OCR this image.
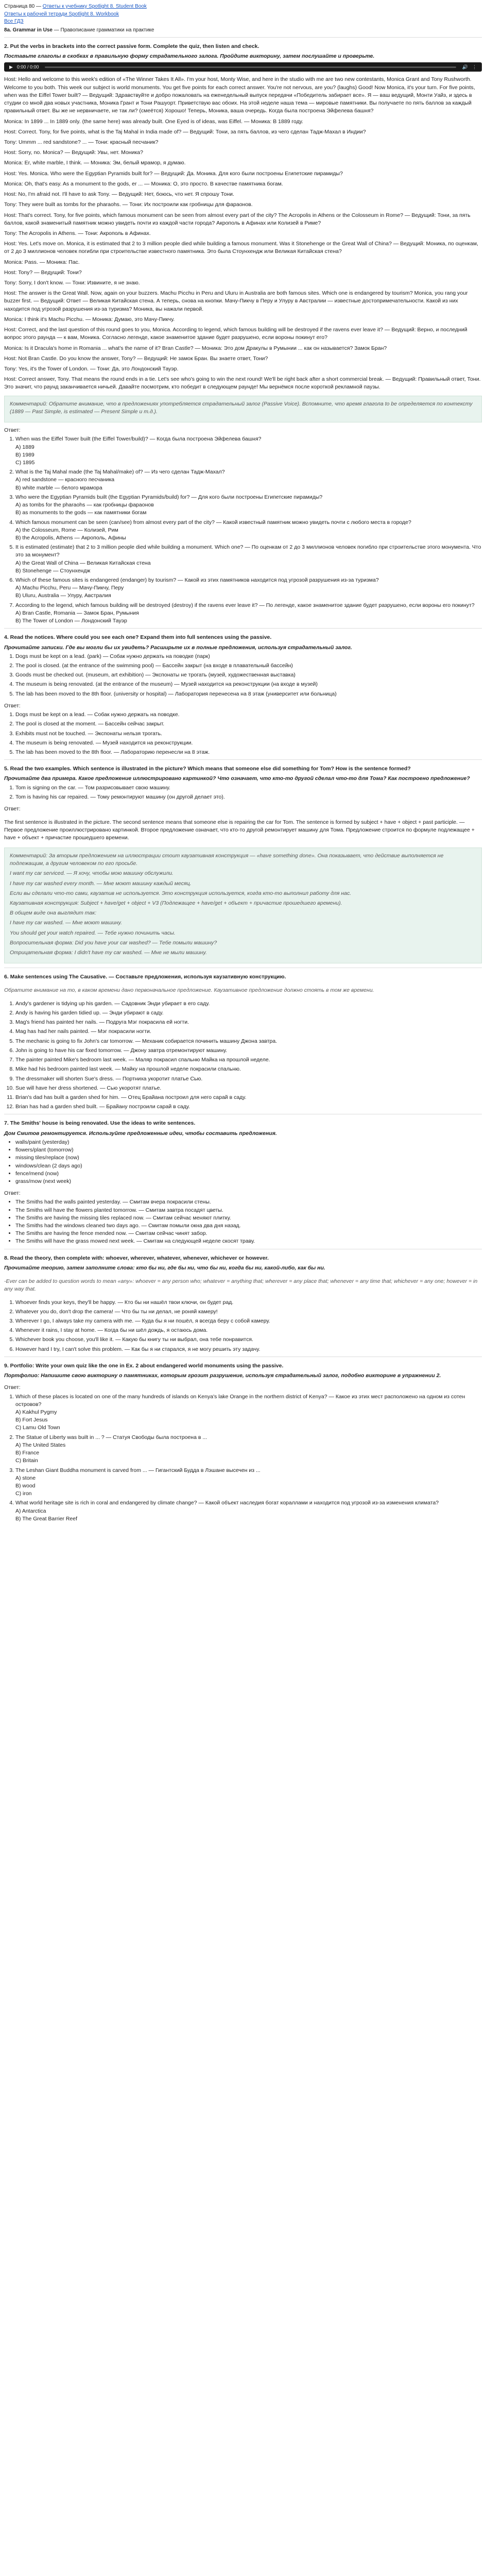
Страница 80 — Ответы к учебнику Spotlight 8. Student Book
Ответы к рабочей тетради Spotlight 8. Workbook
Все ГДЗ
8a. Grammar in Use — Правописание грамматики на практике
2. Put the verbs in brackets into the correct passive form. Complete the quiz, then listen and check.
Поставьте глаголы в скобках в правильную форму страдательного залога. Пройдите викторину, затем послушайте и проверьте.
▶ 0:00 / 0:00	🔊 ⋮

Host: Hello and welcome to this week's edition of «The Winner Takes It All». I'm your host, Monty Wise, and here in the studio with me are two new contestants, Monica Grant and Tony Rushworth. Welcome to you both. This week our subject is world monuments. You get five points for each correct answer. You're not nervous, are you? (laughs) Good! Now Monica, it's your turn. For five points, when was the Eiffel Tower built? — Ведущий: Здравствуйте и добро пожаловать на еженедельный выпуск передачи «Победитель забирает все». Я — ваш ведущий, Монти Уайз, и здесь в студии со мной два новых участника, Моника Грант и Тони Рашуорт. Приветствую вас обоих. На этой неделе наша тема — мировые памятники. Вы получаете по пять баллов за каждый правильный ответ. Вы же не нервничаете, не так ли? (смеётся) Хорошо! Теперь, Моника, ваша очередь. Когда была построена Эйфелева башня?

Monica: In 1899 ... In 1889 only. (the same here) was already built. One Eyed is of ideas, was Eiffel. — Моника: В 1889 году.

Host: Correct. Tony, for five points, what is the Taj Mahal in India made of? — Ведущий: Тони, за пять баллов, из чего сделан Тадж-Махал в Индии?

Tony: Ummm ... red sandstone? ... — Тони: красный песчаник?

Host: Sorry, no. Monica? — Ведущий: Увы, нет. Моника?

Monica: Er, white marble, I think. — Моника: Эм, белый мрамор, я думаю.

Host: Yes. Monica. Who were the Egyptian Pyramids built for? — Ведущий: Да. Моника. Для кого были построены Египетские пирамиды?

Monica: Oh, that's easy. As a monument to the gods, er ... — Моника: О, это просто. В качестве памятника богам.

Host: No, I'm afraid not. I'll have to ask Tony. — Ведущий: Нет, боюсь, что нет. Я спрошу Тони.

Tony: They were built as tombs for the pharaohs. — Тони: Их построили как гробницы для фараонов.

Host: That's correct. Tony, for five points, which famous monument can be seen from almost every part of the city? The Acropolis in Athens or the Colosseum in Rome? — Ведущий: Тони, за пять баллов, какой знаменитый памятник можно увидеть почти из каждой части города? Акрополь в Афинах или Колизей в Риме?

Tony: The Acropolis in Athens. — Тони: Акрополь в Афинах.

Host: Yes. Let's move on. Monica, it is estimated that 2 to 3 million people died while building a famous monument. Was it Stonehenge or the Great Wall of China? — Ведущий: Моника, по оценкам, от 2 до 3 миллионов человек погибли при строительстве известного памятника. Это была Стоунхендж или Великая Китайская стена?

Monica: Pass. — Моника: Пас.

Host: Tony? — Ведущий: Тони?

Tony: Sorry, I don't know. — Тони: Извините, я не знаю.

Host: The answer is the Great Wall. Now, again on your buzzers. Machu Picchu in Peru and Uluru in Australia are both famous sites. Which one is endangered by tourism? Monica, you rang your buzzer first. — Ведущий: Ответ — Великая Китайская стена. А теперь, снова на кнопки. Мачу-Пикчу в Перу и Улуру в Австралии — известные достопримечательности. Какой из них находится под угрозой разрушения из-за туризма? Моника, вы нажали первой.

Monica: I think it's Machu Picchu. — Моника: Думаю, это Мачу-Пикчу.

Host: Correct, and the last question of this round goes to you, Monica. According to legend, which famous building will be destroyed if the ravens ever leave it? — Ведущий: Верно, и последний вопрос этого раунда — к вам, Моника. Согласно легенде, какое знаменитое здание будет разрушено, если вороны покинут его?

Monica: Is it Dracula's home in Romania ... what's the name of it? Bran Castle? — Моника: Это дом Дракулы в Румынии ... как он называется? Замок Бран?

Host: Not Bran Castle. Do you know the answer, Tony? — Ведущий: Не замок Бран. Вы знаете ответ, Тони?

Tony: Yes, it's the Tower of London. — Тони: Да, это Лондонский Тауэр.

Host: Correct answer, Tony. That means the round ends in a tie. Let's see who's going to win the next round! We'll be right back after a short commercial break. — Ведущий: Правильный ответ, Тони. Это значит, что раунд заканчивается ничьей. Давайте посмотрим, кто победит в следующем раунде! Мы вернёмся после короткой рекламной паузы.

Комментарий: Обратите внимание, что в предложениях употребляется страдательный залог (Passive Voice). Вспомните, что время глагола to be определяется по контексту (1889 — Past Simple, is estimated — Present Simple и т.д.).

Ответ:
1. When was the Eiffel Tower built (the Eiffel Tower/build)? — Когда была построена Эйфелева башня?
A) 1889
B) 1989
C) 1895
2. What is the Taj Mahal made (the Taj Mahal/make) of? — Из чего сделан Тадж-Махал?
A) red sandstone — красного песчаника
B) white marble — белого мрамора
3. Who were the Egyptian Pyramids built (the Egyptian Pyramids/build) for? — Для кого были построены Египетские пирамиды?
A) as tombs for the pharaohs — как гробницы фараонов
B) as monuments to the gods — как памятники богам
4. Which famous monument can be seen (can/see) from almost every part of the city? — Какой известный памятник можно увидеть почти с любого места в городе?
A) the Colosseum, Rome — Колизей, Рим
B) the Acropolis, Athens — Акрополь, Афины
5. It is estimated (estimate) that 2 to 3 million people died while building a monument. Which one? — По оценкам от 2 до 3 миллионов человек погибло при строительстве этого монумента. Что это за монумент?
A) the Great Wall of China — Великая Китайская стена
B) Stonehenge — Стоунхендж
6. Which of these famous sites is endangered (endanger) by tourism? — Какой из этих памятников находится под угрозой разрушения из-за туризма?
A) Machu Picchu, Peru — Мачу-Пикчу, Перу
B) Uluru, Australia — Улуру, Австралия
7. According to the legend, which famous building will be destroyed (destroy) if the ravens ever leave it? — По легенде, какое знаменитое здание будет разрушено, если вороны его покинут?
A) Bran Castle, Romania — Замок Бран, Румыния
B) The Tower of London — Лондонский Тауэр
4. Read the notices. Where could you see each one? Expand them into full sentences using the passive.
Прочитайте записки. Где вы могли бы их увидеть? Расширьте их в полные предложения, используя страдательный залог.
1. Dogs must be kept on a lead. (park) — Собак нужно держать на поводке (парк)
2. The pool is closed. (at the entrance of the swimming pool) — Бассейн закрыт (на входе в плавательный бассейн)
3. Goods must be checked out. (museum, art exhibition) — Экспонаты не трогать (музей, художественная выставка)
4. The museum is being renovated. (at the entrance of the museum) — Музей находится на реконструкции (на входе в музей)
5. The lab has been moved to the 8th floor. (university or hospital) — Лаборатория перенесена на 8 этаж (университет или больница)
Ответ:
1. Dogs must be kept on a lead. — Собак нужно держать на поводке.
2. The pool is closed at the moment. — Бассейн сейчас закрыт.
3. Exhibits must not be touched. — Экспонаты нельзя трогать.
4. The museum is being renovated. — Музей находится на реконструкции.
5. The lab has been moved to the 8th floor. — Лабораторию перенесли на 8 этаж.
5. Read the two examples. Which sentence is illustrated in the picture? Which means that someone else did something for Tom? How is the sentence formed?
Прочитайте два примера. Какое предложение иллюстрировано картинкой? Что означает, что кто-то другой сделал что-то для Тома? Как построено предложение?
1. Tom is signing on the car. — Том разрисовывает свою машину.
2. Tom is having his car repaired. — Тому ремонтируют машину (он другой делает это).
Ответ:

The first sentence is illustrated in the picture. The second sentence means that someone else is repairing the car for Tom. The sentence is formed by subject + have + object + past participle. — Первое предложение проиллюстрировано картинкой. Второе предложение означает, что кто-то другой ремонтирует машину для Тома. Предложение строится по формуле подлежащее + have + объект + причастие прошедшего времени.

Комментарий: За вторым предложением на иллюстрации стоит каузативная конструкция — «have something done». Она показывает, что действие выполняется не подлежащим, а другим человеком по его просьбе.

I want my car serviced. — Я хочу, чтобы мою машину обслужили.

I have my car washed every month. — Мне моют машину каждый месяц.

Если вы сделали что-то сами, каузатив не используется. Это конструкция используется, когда кто-то выполнил работу для нас.

Каузативная конструкция: Subject + have/get + object + V3 (Подлежащее + have/get + объект + причастие прошедшего времени).

В общем виде она выглядит так:

I have my car washed. — Мне моют машину.

You should get your watch repaired. — Тебе нужно починить часы.

Вопросительная форма: Did you have your car washed? — Тебе помыли машину?

Отрицательная форма: I didn't have my car washed. — Мне не мыли машину.

6. Make sentences using The Causative. — Составьте предложения, используя каузативную конструкцию.

Обратите внимание на то, в каком времени дано первоначальное предложение. Каузативное предложение должно стоять в том же времени.

1. Andy's gardener is tidying up his garden. — Садовник Энди убирает в его саду.
2. Andy is having his garden tidied up. — Энди убирают в саду.
3. Mag's friend has painted her nails. — Подруга Мэг покрасила ей ногти.
4. Mag has had her nails painted. — Мэг покрасили ногти.
5. The mechanic is going to fix John's car tomorrow. — Механик собирается починить машину Джона завтра.
6. John is going to have his car fixed tomorrow. — Джону завтра отремонтируют машину.
7. The painter painted Mike's bedroom last week. — Маляр покрасил спальню Майка на прошлой неделе.
8. Mike had his bedroom painted last week. — Майку на прошлой неделе покрасили спальню.
9. The dressmaker will shorten Sue's dress. — Портниха укоротит платье Сью.
10. Sue will have her dress shortened. — Сью укоротят платье.
11. Brian's dad has built a garden shed for him. — Отец Брайана построил для него сарай в саду.
12. Brian has had a garden shed built. — Брайану построили сарай в саду.
7. The Smiths' house is being renovated. Use the ideas to write sentences.
Дом Смитов ремонтируется. Используйте предложенные идеи, чтобы составить предложения.
• walls/paint (yesterday)
• flowers/plant (tomorrow)
• missing tiles/replace (now)
• windows/clean (2 days ago)
• fence/mend (now)
• grass/mow (next week)
Ответ:
• The Smiths had the walls painted yesterday. — Смитам вчера покрасили стены.
• The Smiths will have the flowers planted tomorrow. — Смитам завтра посадят цветы.
• The Smiths are having the missing tiles replaced now. — Смитам сейчас меняют плитку.
• The Smiths had the windows cleaned two days ago. — Смитам помыли окна два дня назад.
• The Smiths are having the fence mended now. — Смитам сейчас чинят забор.
• The Smiths will have the grass mowed next week. — Смитам на следующей неделе скосят траву.
8. Read the theory, then complete with: whoever, wherever, whatever, whenever, whichever or however.
Прочитайте теорию, затем заполните слова: кто бы ни, где бы ни, что бы ни, когда бы ни, какой-либо, как бы ни.

-Ever can be added to question words to mean «any»: whoever = any person who; whatever = anything that; wherever = any place that; whenever = any time that; whichever = any one; however = in any way that.

1. Whoever finds your keys, they'll be happy. — Кто бы ни нашёл твои ключи, он будет рад.
2. Whatever you do, don't drop the camera! — Что бы ты ни делал, не роняй камеру!
3. Wherever I go, I always take my camera with me. — Куда бы я ни пошёл, я всегда беру с собой камеру.
4. Whenever it rains, I stay at home. — Когда бы ни шёл дождь, я остаюсь дома.
5. Whichever book you choose, you'll like it. — Какую бы книгу ты ни выбрал, она тебе понравится.
6. However hard I try, I can't solve this problem. — Как бы я ни старался, я не могу решить эту задачу.
9. Portfolio: Write your own quiz like the one in Ex. 2 about endangered world monuments using the passive.
Портфолио: Напишите свою викторину о памятниках, которым грозит разрушение, используя страдательный залог, подобно викторине в упражнении 2.
Ответ:
1. Which of these places is located on one of the many hundreds of islands on Kenya's lake Orange in the northern district of Kenya? — Какое из этих мест расположено на одном из сотен островов?
A) Kakhul Pygmy
B) Fort Jesus
C) Lamu Old Town
2. The Statue of Liberty was built in ... ? — Статуя Свободы была построена в ...
A) The United States
B) France
C) Britain
3. The Leshan Giant Buddha monument is carved from ... — Гигантский Будда в Лэшане высечен из ...
A) stone
B) wood
C) iron
4. What world heritage site is rich in coral and endangered by climate change? — Какой объект наследия богат кораллами и находится под угрозой из-за изменения климата?
A) Antarctica
B) The Great Barrier Reef
